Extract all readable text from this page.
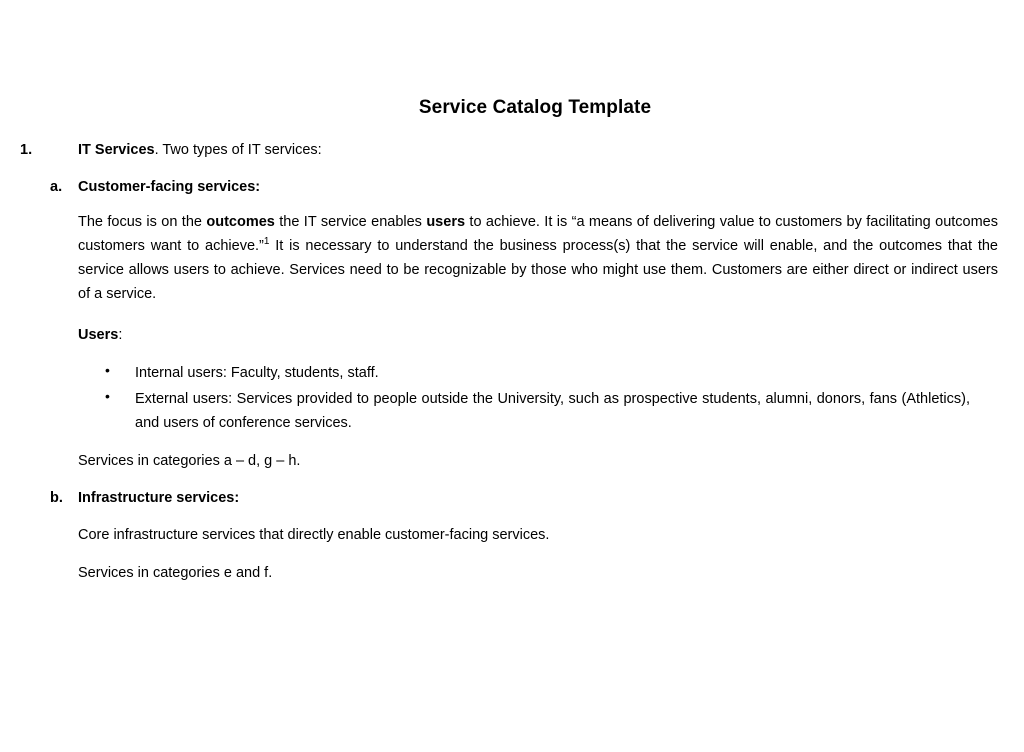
Service Catalog Template
1.	IT Services. Two types of IT services:
a. Customer-facing services:
The focus is on the outcomes the IT service enables users to achieve. It is “a means of delivering value to customers by facilitating outcomes customers want to achieve.”$^1$ It is necessary to understand the business process(s) that the service will enable, and the outcomes that the service allows users to achieve. Services need to be recognizable by those who might use them. Customers are either direct or indirect users of a service.
Users:
• Internal users: Faculty, students, staff.
• External users: Services provided to people outside the University, such as prospective students, alumni, donors, fans (Athletics), and users of conference services.
Services in categories a – d, g – h.
b. Infrastructure services:
Core infrastructure services that directly enable customer-facing services.
Services in categories e and f.
